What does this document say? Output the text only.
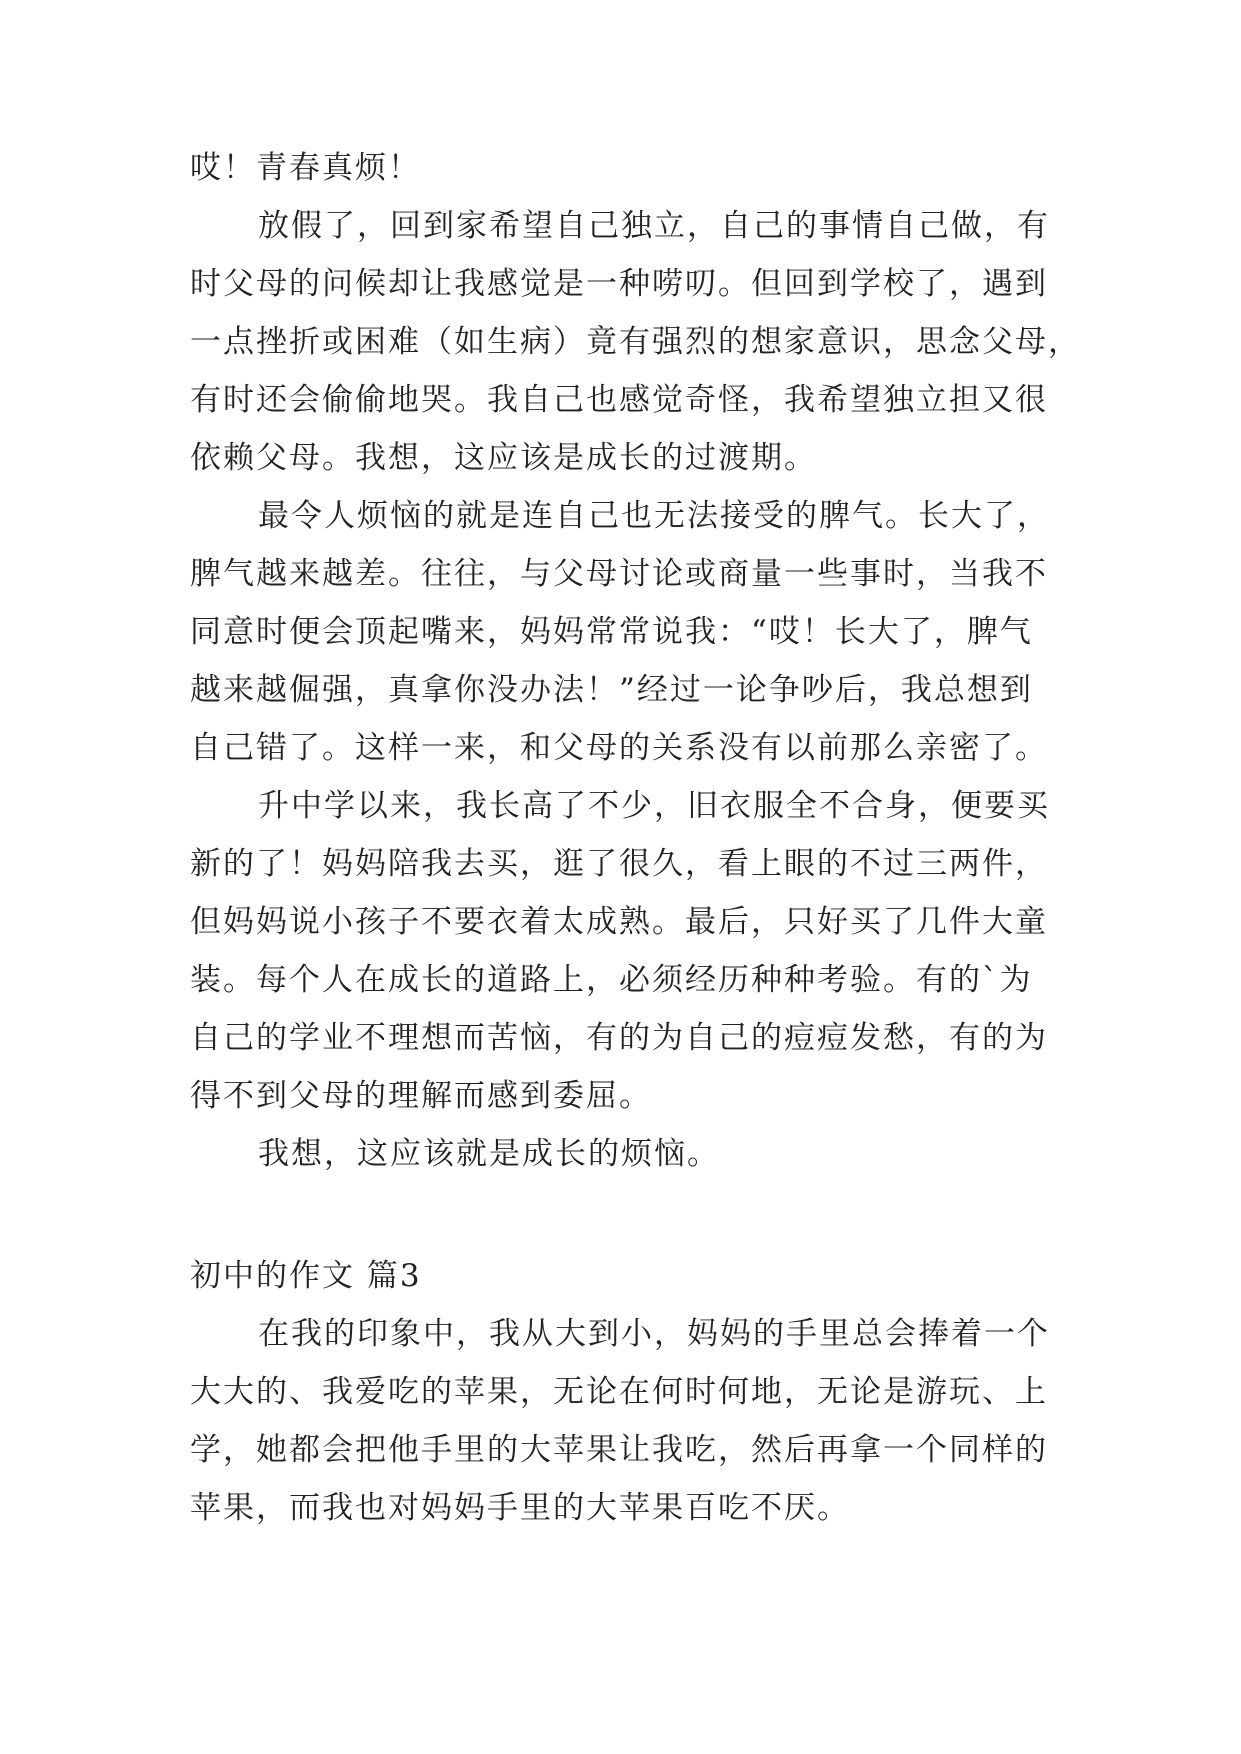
哎！青春真烦！
放假了，回到家希望自己独立，自己的事情自己做，有
时父母的问候却让我感觉是一种唠叨。但回到学校了，遇到
一点挫折或困难（如生病）竟有强烈的想家意识，思念父母，
有时还会偷偷地哭。我自己也感觉奇怪，我希望独立担又很
依赖父母。我想，这应该是成长的过渡期。
最令人烦恼的就是连自己也无法接受的脾气。长大了，
脾气越来越差。往往，与父母讨论或商量一些事时，当我不
同意时便会顶起嘴来，妈妈常常说我：“哎！长大了，脾气
越来越倔强，真拿你没办法！”经过一论争吵后，我总想到
自己错了。这样一来，和父母的关系没有以前那么亲密了。
升中学以来，我长高了不少，旧衣服全不合身，便要买
新的了！妈妈陪我去买，逛了很久，看上眼的不过三两件，
但妈妈说小孩子不要衣着太成熟。最后，只好买了几件大童
装。每个人在成长的道路上，必须经历种种考验。有的`为
自己的学业不理想而苦恼，有的为自己的痘痘发愁，有的为
得不到父母的理解而感到委屈。
我想，这应该就是成长的烦恼。
初中的作文 篇3
在我的印象中，我从大到小，妈妈的手里总会捧着一个
大大的、我爱吃的苹果，无论在何时何地，无论是游玩、上
学，她都会把他手里的大苹果让我吃，然后再拿一个同样的
苹果，而我也对妈妈手里的大苹果百吃不厌。
